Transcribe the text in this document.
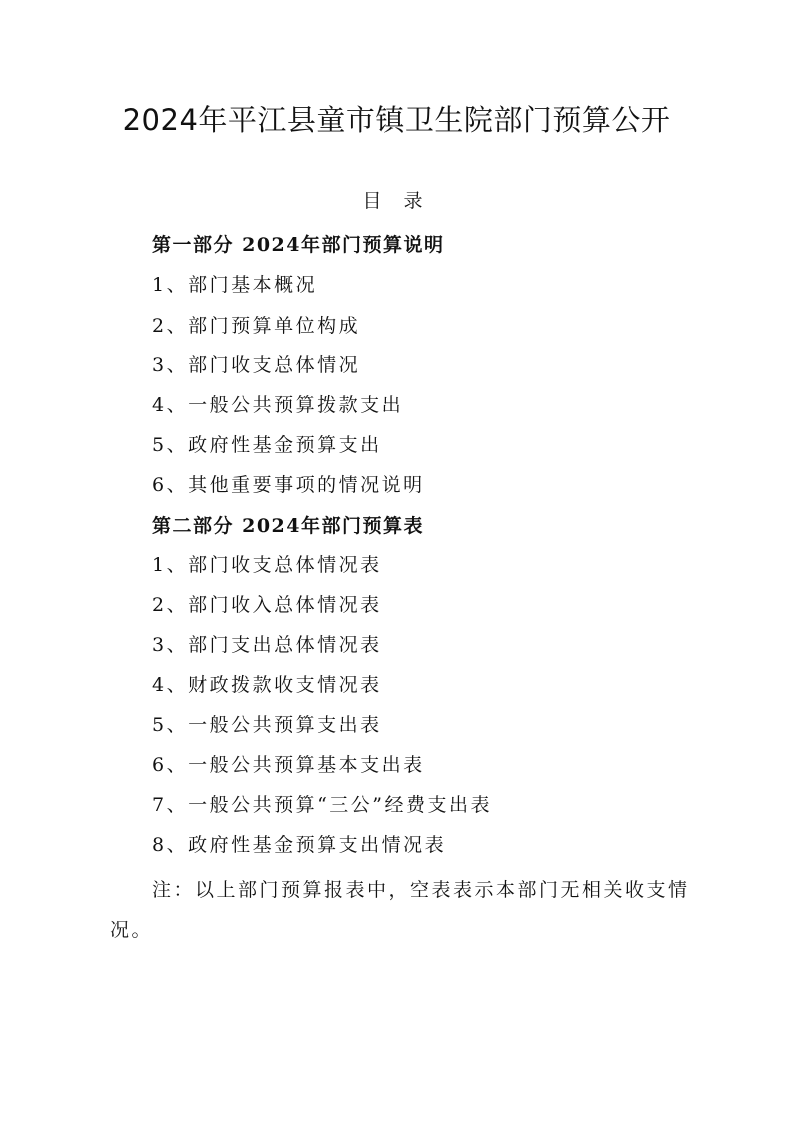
2024年平江县童市镇卫生院部门预算公开
目 录

第一部分 2024年部门预算说明

1、部门基本概况

2、部门预算单位构成

3、部门收支总体情况

4、一般公共预算拨款支出

5、政府性基金预算支出

6、其他重要事项的情况说明

第二部分 2024年部门预算表

1、部门收支总体情况表

2、部门收入总体情况表

3、部门支出总体情况表

4、财政拨款收支情况表

5、一般公共预算支出表

6、一般公共预算基本支出表

7、一般公共预算“三公”经费支出表

8、政府性基金预算支出情况表

注：以上部门预算报表中，空表表示本部门无相关收支情况。
